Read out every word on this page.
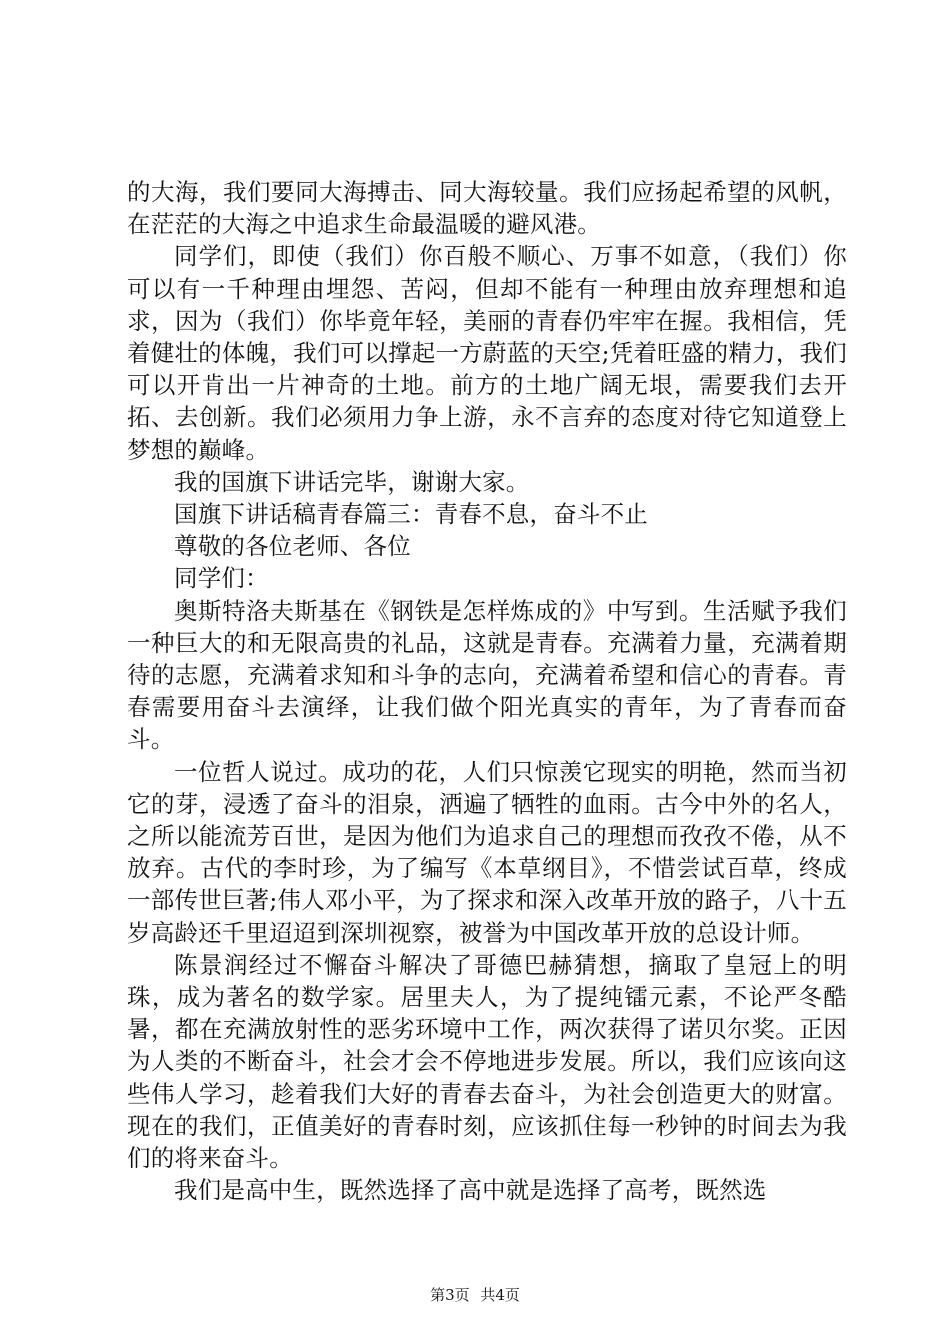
的大海，我们要同大海搏击、同大海较量。我们应扬起希望的风帆，在茫茫的大海之中追求生命最温暖的避风港。

同学们，即使（我们）你百般不顺心、万事不如意，（我们）你可以有一千种理由埋怨、苦闷，但却不能有一种理由放弃理想和追求，因为（我们）你毕竟年轻，美丽的青春仍牢牢在握。我相信，凭着健壮的体魄，我们可以撑起一方蔚蓝的天空;凭着旺盛的精力，我们可以开肯出一片神奇的土地。前方的土地广阔无垠，需要我们去开拓、去创新。我们必须用力争上游，永不言弃的态度对待它知道登上梦想的巅峰。

我的国旗下讲话完毕，谢谢大家。

国旗下讲话稿青春篇三：青春不息，奋斗不止

尊敬的各位老师、各位

同学们：

奥斯特洛夫斯基在《钢铁是怎样炼成的》中写到。生活赋予我们一种巨大的和无限高贵的礼品，这就是青春。充满着力量，充满着期待的志愿，充满着求知和斗争的志向，充满着希望和信心的青春。青春需要用奋斗去演绎，让我们做个阳光真实的青年，为了青春而奋斗。

一位哲人说过。成功的花，人们只惊羡它现实的明艳，然而当初它的芽，浸透了奋斗的泪泉，洒遍了牺牲的血雨。古今中外的名人，之所以能流芳百世，是因为他们为追求自己的理想而孜孜不倦，从不放弃。古代的李时珍，为了编写《本草纲目》，不惜尝试百草，终成一部传世巨著;伟人邓小平，为了探求和深入改革开放的路子，八十五岁高龄还千里迢迢到深圳视察，被誉为中国改革开放的总设计师。

陈景润经过不懈奋斗解决了哥德巴赫猜想，摘取了皇冠上的明珠，成为著名的数学家。居里夫人，为了提纯镭元素，不论严冬酷暑，都在充满放射性的恶劣环境中工作，两次获得了诺贝尔奖。正因为人类的不断奋斗，社会才会不停地进步发展。所以，我们应该向这些伟人学习，趁着我们大好的青春去奋斗，为社会创造更大的财富。现在的我们，正值美好的青春时刻，应该抓住每一秒钟的时间去为我们的将来奋斗。

我们是高中生，既然选择了高中就是选择了高考，既然选

第3页 共4页
